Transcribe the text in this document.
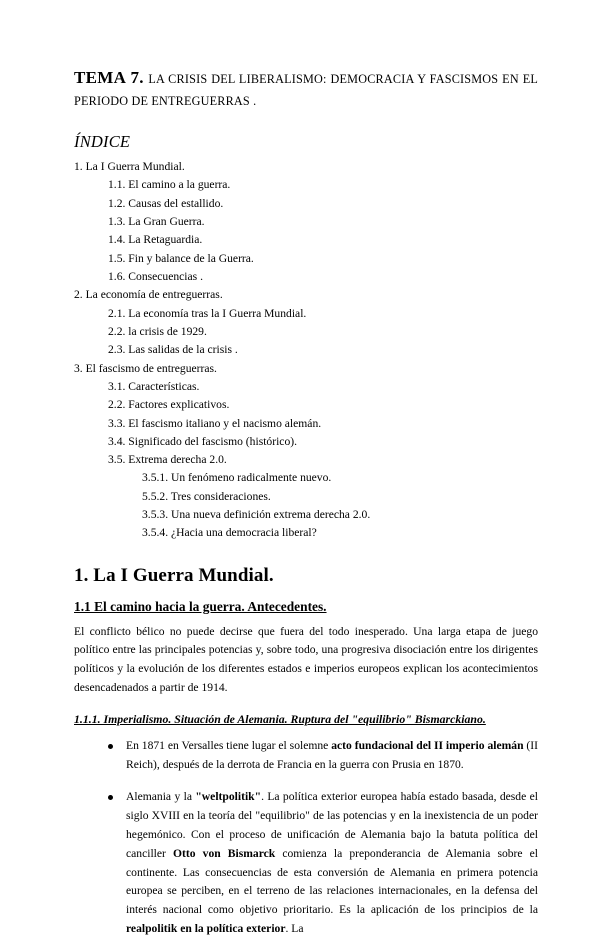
TEMA 7. LA CRISIS DEL LIBERALISMO: DEMOCRACIA Y FASCISMOS EN EL PERIODO DE ENTREGUERRAS .

ÍNDICE
1. La I Guerra Mundial.
1.1. El camino a la guerra.
1.2. Causas del estallido.
1.3. La Gran Guerra.
1.4. La Retaguardia.
1.5. Fin y balance de la Guerra.
1.6. Consecuencias .
2. La economía de entreguerras.
2.1. La economía tras la I Guerra Mundial.
2.2. la crisis de 1929.
2.3. Las salidas de la crisis .
3. El fascismo de entreguerras.
3.1. Características.
2.2. Factores explicativos.
3.3. El fascismo italiano y el nacismo alemán.
3.4. Significado del fascismo (histórico).
3.5. Extrema derecha 2.0.
3.5.1. Un fenómeno radicalmente nuevo.
5.5.2. Tres consideraciones.
3.5.3. Una nueva definición extrema derecha 2.0.
3.5.4. ¿Hacia una democracia liberal?
1. La I Guerra Mundial.
1.1 El camino hacia la guerra. Antecedentes.

El conflicto bélico no puede decirse que fuera del todo inesperado. Una larga etapa de juego político entre las principales potencias y, sobre todo, una progresiva disociación entre los dirigentes políticos y la evolución de los diferentes estados e imperios europeos explican los acontecimientos desencadenados a partir de 1914.

1.1.1. Imperialismo. Situación de Alemania. Ruptura del "equilibrio" Bismarckiano.
En 1871 en Versalles tiene lugar el solemne acto fundacional del II imperio alemán (II Reich), después de la derrota de Francia en la guerra con Prusia en 1870.
Alemania y la "weltpolitik". La política exterior europea había estado basada, desde el siglo XVIII en la teoría del "equilibrio" de las potencias y en la inexistencia de un poder hegemónico. Con el proceso de unificación de Alemania bajo la batuta política del canciller Otto von Bismarck comienza la preponderancia de Alemania sobre el continente. Las consecuencias de esta conversión de Alemania en primera potencia europea se perciben, en el terreno de las relaciones internacionales, en la defensa del interés nacional como objetivo prioritario. Es la aplicación de los principios de la realpolitik en la política exterior. La
